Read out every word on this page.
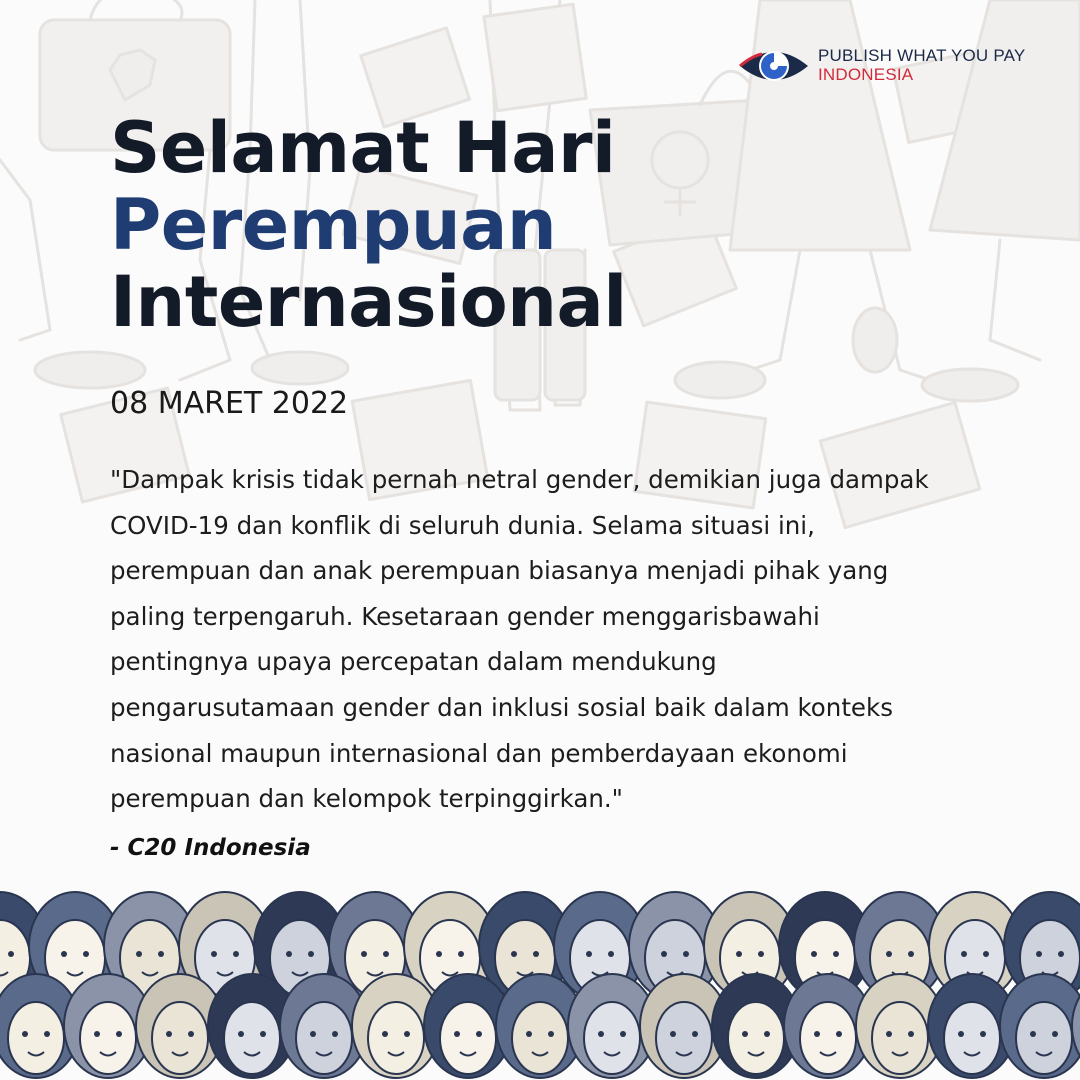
PUBLISH WHAT YOU PAY
INDONESIA
Selamat Hari
Perempuan
Internasional
08 MARET 2022

"Dampak krisis tidak pernah netral gender, demikian juga dampak
COVID-19 dan konflik di seluruh dunia. Selama situasi ini,
perempuan dan anak perempuan biasanya menjadi pihak yang
paling terpengaruh. Kesetaraan gender menggarisbawahi
pentingnya upaya percepatan dalam mendukung
pengarusutamaan gender dan inklusi sosial baik dalam konteks
nasional maupun internasional dan pemberdayaan ekonomi
perempuan dan kelompok terpinggirkan."

- C20 Indonesia
